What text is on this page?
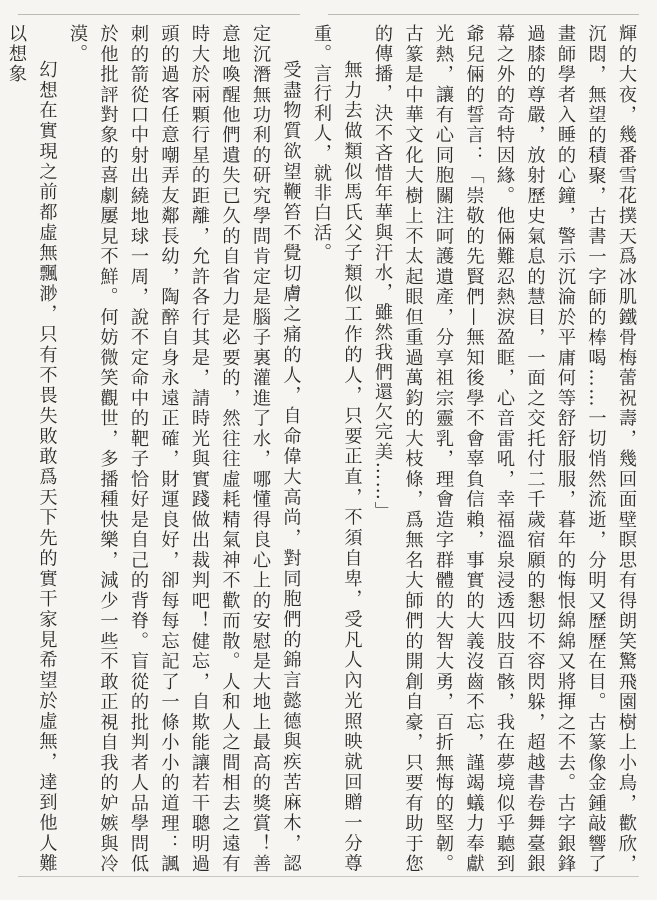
輝的大夜，幾番雪花撲天爲冰肌鐵骨梅蕾祝壽，幾回面壁瞑思有得朗笑驚飛園樹上小鳥，歡欣，沉悶，無望的積聚，古書一字師的棒喝……一切悄然流逝，分明又歷歷在目。古篆像金鍾敲響了畫師學者入睡的心鐘，警示沉淪於平庸何等舒舒服服，暮年的悔恨綿綿又將揮之不去。古字銀鋒過膝的尊嚴，放射歷史氣息的慧目，一面之交托付二千歲宿願的懇切不容閃躲，超越書卷舞臺銀幕之外的奇特因緣。他倆難忍熱淚盈眶，心音雷吼，幸福溫泉浸透四肢百骸，我在夢境似乎聽到爺兒倆的誓言：「崇敬的先賢們—無知後學不會辜負信賴，事實的大義沒齒不忘，謹竭蟻力奉獻光熱，讓有心同胞關注呵護遺產，分享祖宗靈乳，理會造字群體的大智大勇，百折無悔的堅韌。古篆是中華文化大樹上不太起眼但重過萬鈞的大枝條，爲無名大師們的開創自豪，只要有助于您的傳播，決不吝惜年華與汗水，雖然我們還欠完美……」

無力去做類似馬氏父子類似工作的人，只要正直，不須自卑，受凡人內光照映就回贈一分尊重。言行利人，就非白活。

受盡物質欲望鞭笞不覺切膚之痛的人，自命偉大高尚，對同胞們的錦言懿德與疾苦麻木，認定沉潛無功利的研究學問肯定是腦子裏灌進了水，哪懂得良心上的安慰是大地上最高的獎賞！善意地喚醒他們遺失已久的自省力是必要的，然往往虛耗精氣神不歡而散。人和人之間相去之遠有時大於兩顆行星的距離，允許各行其是，請時光與實踐做出裁判吧！健忘，自欺能讓若干聰明過頭的過客任意嘲弄友鄰長幼，陶醉自身永遠正確，財運良好，卻每每忘記了一條小小的道理：諷刺的箭從口中射出繞地球一周，說不定命中的靶子恰好是自己的背脊。盲從的批判者人品學問低於他批評對象的喜劇屢見不鮮。何妨微笑觀世，多播種快樂，減少一些不敢正視自我的妒嫉與冷漠。

幻想在實現之前都虛無飄渺，只有不畏失敗敢爲天下先的實干家見希望於虛無，達到他人難以想象
